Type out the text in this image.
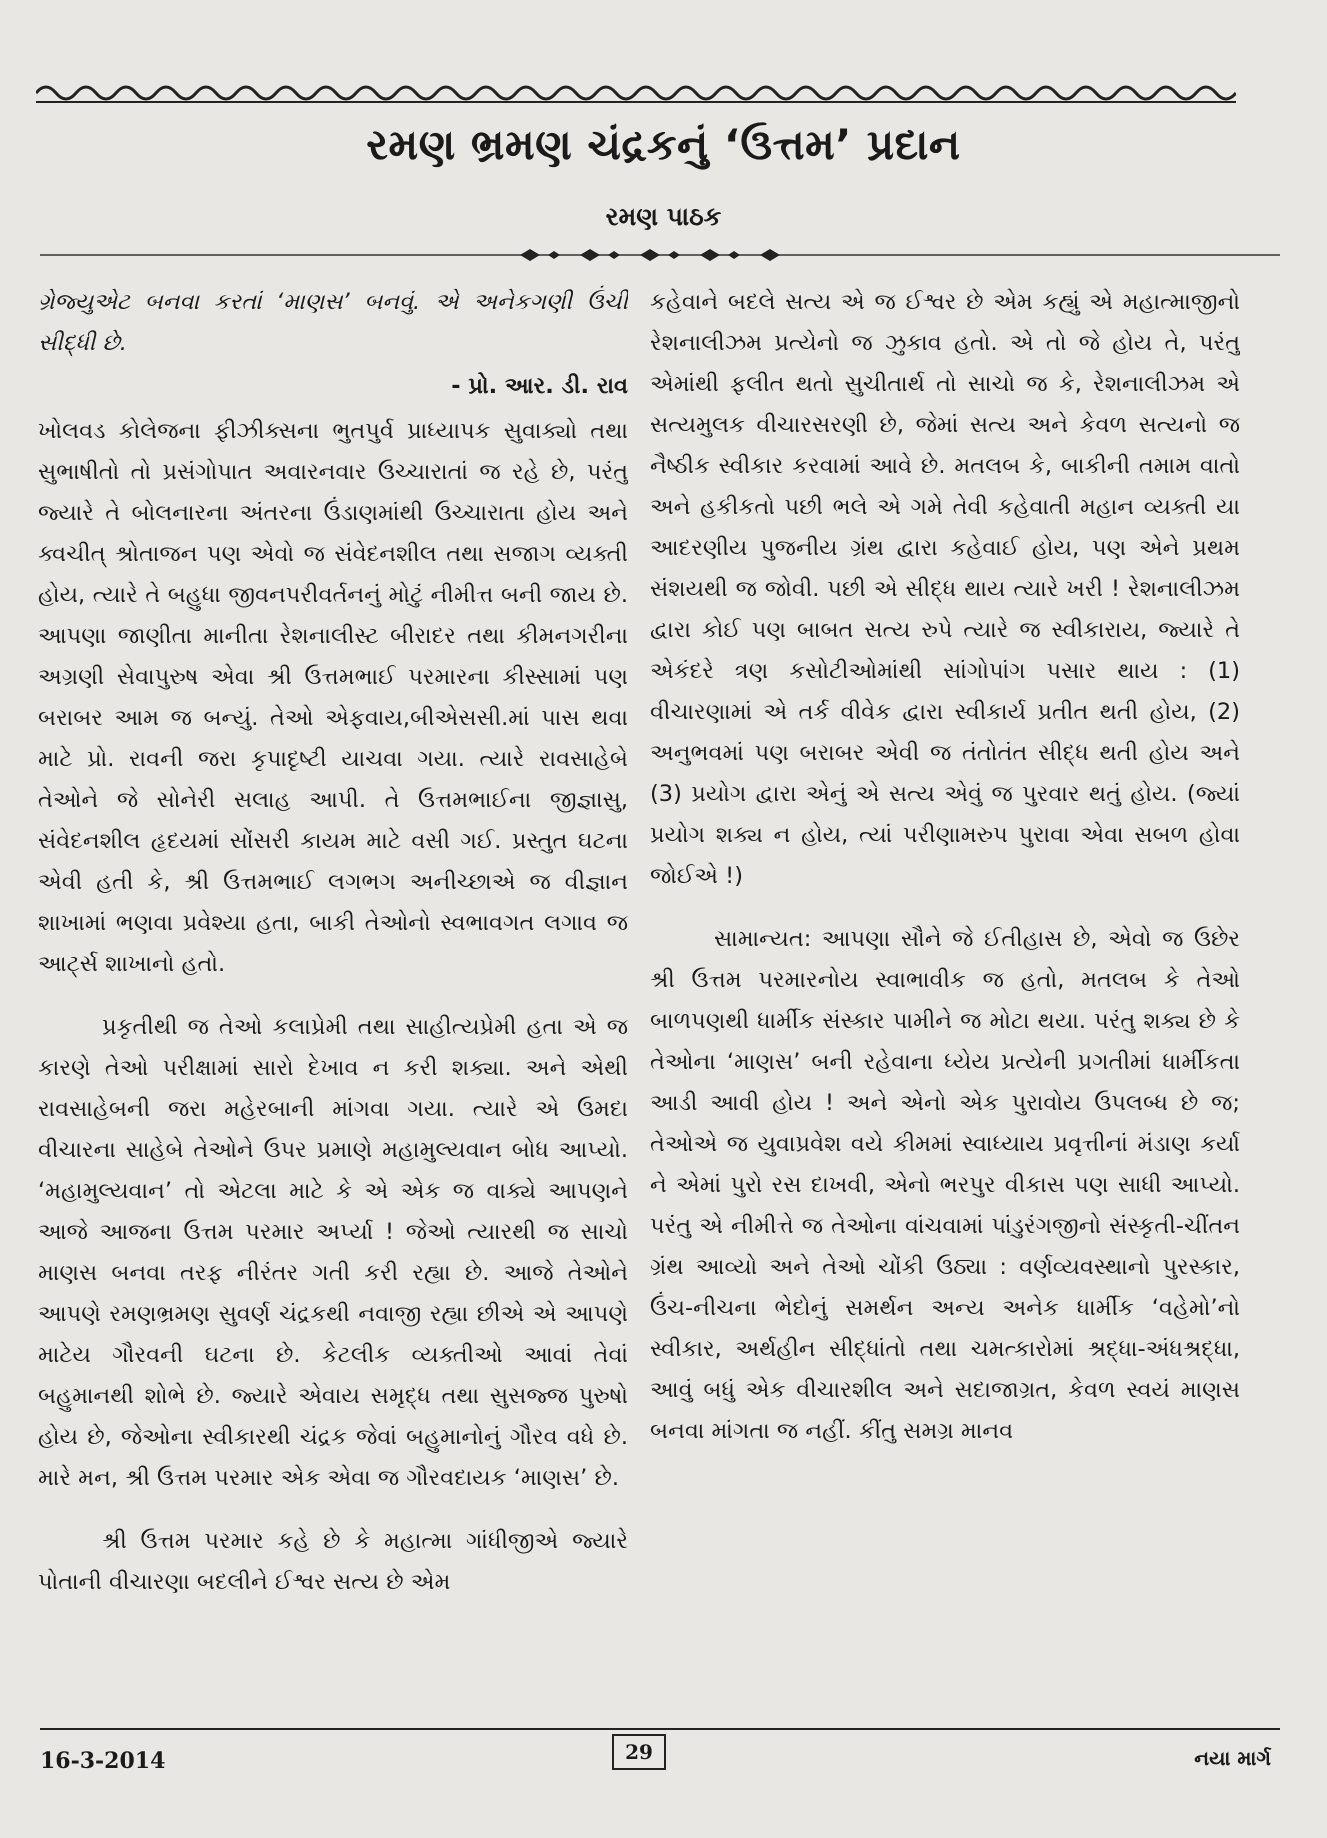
રમણ ભ્રમણ ચંદ્રકનું ‘ઉત્તમ’ પ્રદાન
રમણ પાઠક

ગ્રેજ્યુએટ બનવા કરતાં ‘માણસ’ બનવું. એ અનેકગણી ઉંચી સીદ્ધી છે.

- પ્રો. આર. ડી. રાવ

ખોલવડ કોલેજના ફીઝીક્સના ભુતપુર્વ પ્રાધ્યાપક સુવાક્યો તથા સુભાષીતો તો પ્રસંગોપાત અવારનવાર ઉચ્ચારાતાં જ રહે છે, પરંતુ જ્યારે તે બોલનારના અંતરના ઉંડાણમાંથી ઉચ્ચારાતા હોય અને ક્વચીત્ શ્રોતાજન પણ એવો જ સંવેદનશીલ તથા સજાગ વ્યક્તી હોય, ત્યારે તે બહુધા જીવનપરીવર્તનનું મોટું નીમીત્ત બની જાય છે. આપણા જાણીતા માનીતા રેશનાલીસ્ટ બીરાદર તથા કીમનગરીના અગ્રણી સેવાપુરુષ એવા શ્રી ઉત્તમભાઈ પરમારના કીસ્સામાં પણ બરાબર આમ જ બન્યું. તેઓ એફવાય,બીએસસી.માં પાસ થવા માટે પ્રો. રાવની જરા કૃપાદૃષ્ટી યાચવા ગયા. ત્યારે રાવસાહેબે તેઓને જે સોનેરી સલાહ આપી. તે ઉત્તમભાઈના જીજ્ઞાસુ, સંવેદનશીલ હૃદયમાં સોંસરી કાયમ માટે વસી ગઈ. પ્રસ્તુત ઘટના એવી હતી કે, શ્રી ઉત્તમભાઈ લગભગ અનીચ્છાએ જ વીજ્ઞાન શાખામાં ભણવા પ્રવેશ્યા હતા, બાકી તેઓનો સ્વભાવગત લગાવ જ આર્ટ્સ શાખાનો હતો.

પ્રકૃતીથી જ તેઓ કલાપ્રેમી તથા સાહીત્યપ્રેમી હતા એ જ કારણે તેઓ પરીક્ષામાં સારો દેખાવ ન કરી શક્યા. અને એથી રાવસાહેબની જરા મહેરબાની માંગવા ગયા. ત્યારે એ ઉમદા વીચારના સાહેબે તેઓને ઉપર પ્રમાણે મહામુલ્યવાન બોધ આપ્યો. ‘મહામુલ્યવાન’ તો એટલા માટે કે એ એક જ વાક્યે આપણને આજે આજના ઉત્તમ પરમાર અર્પ્યા ! જેઓ ત્યારથી જ સાચો માણસ બનવા તરફ નીરંતર ગતી કરી રહ્યા છે. આજે તેઓને આપણે રમણભ્રમણ સુવર્ણ ચંદ્રકથી નવાજી રહ્યા છીએ એ આપણે માટેય ગૌરવની ઘટના છે. કેટલીક વ્યક્તીઓ આવાં તેવાં બહુમાનથી શોભે છે. જ્યારે એવાય સમૃદ્ધ તથા સુસજ્જ પુરુષો હોય છે, જેઓના સ્વીકારથી ચંદ્રક જેવાં બહુમાનોનું ગૌરવ વધે છે. મારે મન, શ્રી ઉત્તમ પરમાર એક એવા જ ગૌરવદાયક ‘માણસ’ છે.

શ્રી ઉત્તમ પરમાર કહે છે કે મહાત્મા ગાંધીજીએ જ્યારે પોતાની વીચારણા બદલીને ઈશ્વર સત્ય છે એમ

કહેવાને બદલે સત્ય એ જ ઈશ્વર છે એમ કહ્યું એ મહાત્માજીનો રેશનાલીઝમ પ્રત્યેનો જ ઝુકાવ હતો. એ તો જે હોય તે, પરંતુ એમાંથી ફલીત થતો સુચીતાર્થ તો સાચો જ કે, રેશનાલીઝમ એ સત્યમુલક વીચારસરણી છે, જેમાં સત્ય અને કેવળ સત્યનો જ નૈષ્ઠીક સ્વીકાર કરવામાં આવે છે. મતલબ કે, બાકીની તમામ વાતો અને હકીકતો પછી ભલે એ ગમે તેવી કહેવાતી મહાન વ્યક્તી યા આદરણીય પુજનીય ગ્રંથ દ્વારા કહેવાઈ હોય, પણ એને પ્રથમ સંશયથી જ જોવી. પછી એ સીદ્ધ થાય ત્યારે ખરી ! રેશનાલીઝમ દ્વારા કોઈ પણ બાબત સત્ય રુપે ત્યારે જ સ્વીકારાય, જ્યારે તે એકંદરે ત્રણ કસોટીઓમાંથી સાંગોપાંગ પસાર થાય : (1) વીચારણામાં એ તર્ક વીવેક દ્વારા સ્વીકાર્ય પ્રતીત થતી હોય, (2) અનુભવમાં પણ બરાબર એવી જ તંતોતંત સીદ્ધ થતી હોય અને (3) પ્રયોગ દ્વારા એનું એ સત્ય એવું જ પુરવાર થતું હોય. (જ્યાં પ્રયોગ શક્ય ન હોય, ત્યાં પરીણામરુપ પુરાવા એવા સબળ હોવા જોઈએ !)

સામાન્યત: આપણા સૌને જે ઈતીહાસ છે, એવો જ ઉછેર શ્રી ઉત્તમ પરમારનોય સ્વાભાવીક જ હતો, મતલબ કે તેઓ બાળપણથી ધાર્મીક સંસ્કાર પામીને જ મોટા થયા. પરંતુ શક્ય છે કે તેઓના ‘માણસ’ બની રહેવાના ધ્યેય પ્રત્યેની પ્રગતીમાં ધાર્મીકતા આડી આવી હોય ! અને એનો એક પુરાવોય ઉપલબ્ધ છે જ; તેઓએ જ યુવાપ્રવેશ વયે કીમમાં સ્વાધ્યાય પ્રવૃત્તીનાં મંડાણ કર્યા ને એમાં પુરો રસ દાખવી, એનો ભરપુર વીકાસ પણ સાધી આપ્યો. પરંતુ એ નીમીત્તે જ તેઓના વાંચવામાં પાંડુરંગજીનો સંસ્કૃતી-ચીંતન ગ્રંથ આવ્યો અને તેઓ ચોંકી ઉઠ્યા : વર્ણવ્યવસ્થાનો પુરસ્કાર, ઉંચ-નીચના ભેદોનું સમર્થન અન્ય અનેક ધાર્મીક ‘વહેમો’નો સ્વીકાર, અર્થહીન સીદ્ધાંતો તથા ચમત્કારોમાં શ્રદ્ધા-અંધશ્રદ્ધા, આવું બધું એક વીચારશીલ અને સદાજાગ્રત, કેવળ સ્વયં માણસ બનવા માંગતા જ નહીં. કીંતુ સમગ્ર માનવ

16-3-2014	29	નયા માર્ગ
